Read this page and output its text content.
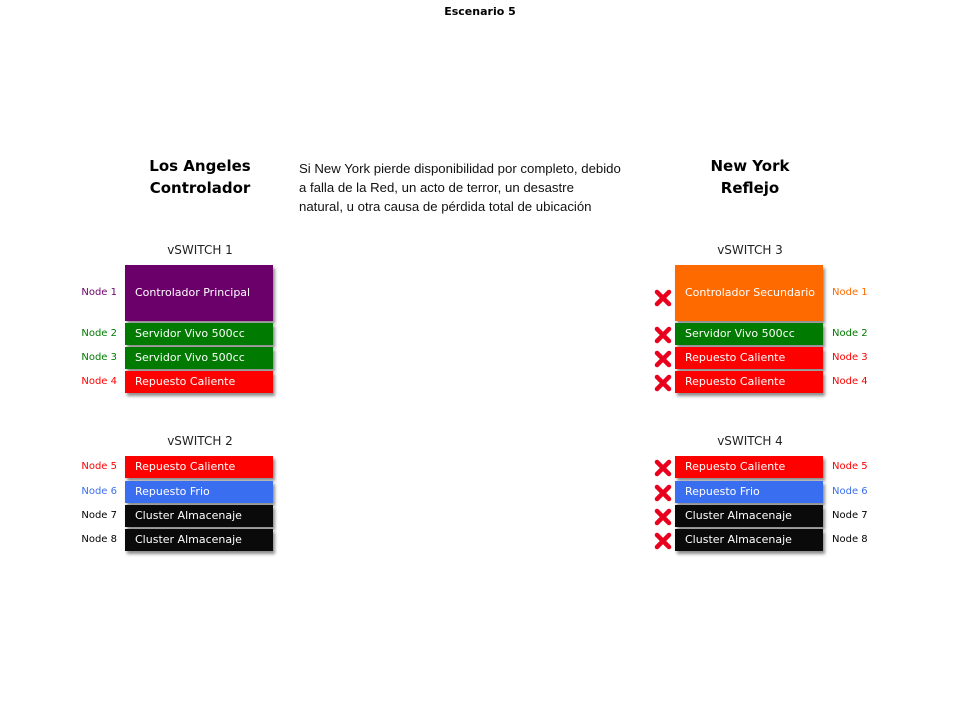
Escenario 5
Los Angeles
Controlador
New York
Reflejo
Si New York pierde disponibilidad por completo, debido a falla de la Red, un acto de terror, un desastre natural, u otra causa de pérdida total de ubicación
vSWITCH 1
Node 1	Controlador Principal
Node 2	Servidor Vivo 500cc
Node 3	Servidor Vivo 500cc
Node 4	Repuesto Caliente
vSWITCH 2
Node 5	Repuesto Caliente
Node 6	Repuesto Frio
Node 7	Cluster Almacenaje
Node 8	Cluster Almacenaje
vSWITCH 3
Controlador Secundario	Node 1
Servidor Vivo 500cc	Node 2
Repuesto Caliente	Node 3
Repuesto Caliente	Node 4
vSWITCH 4
Repuesto Caliente	Node 5
Repuesto Frio	Node 6
Cluster Almacenaje	Node 7
Cluster Almacenaje	Node 8
